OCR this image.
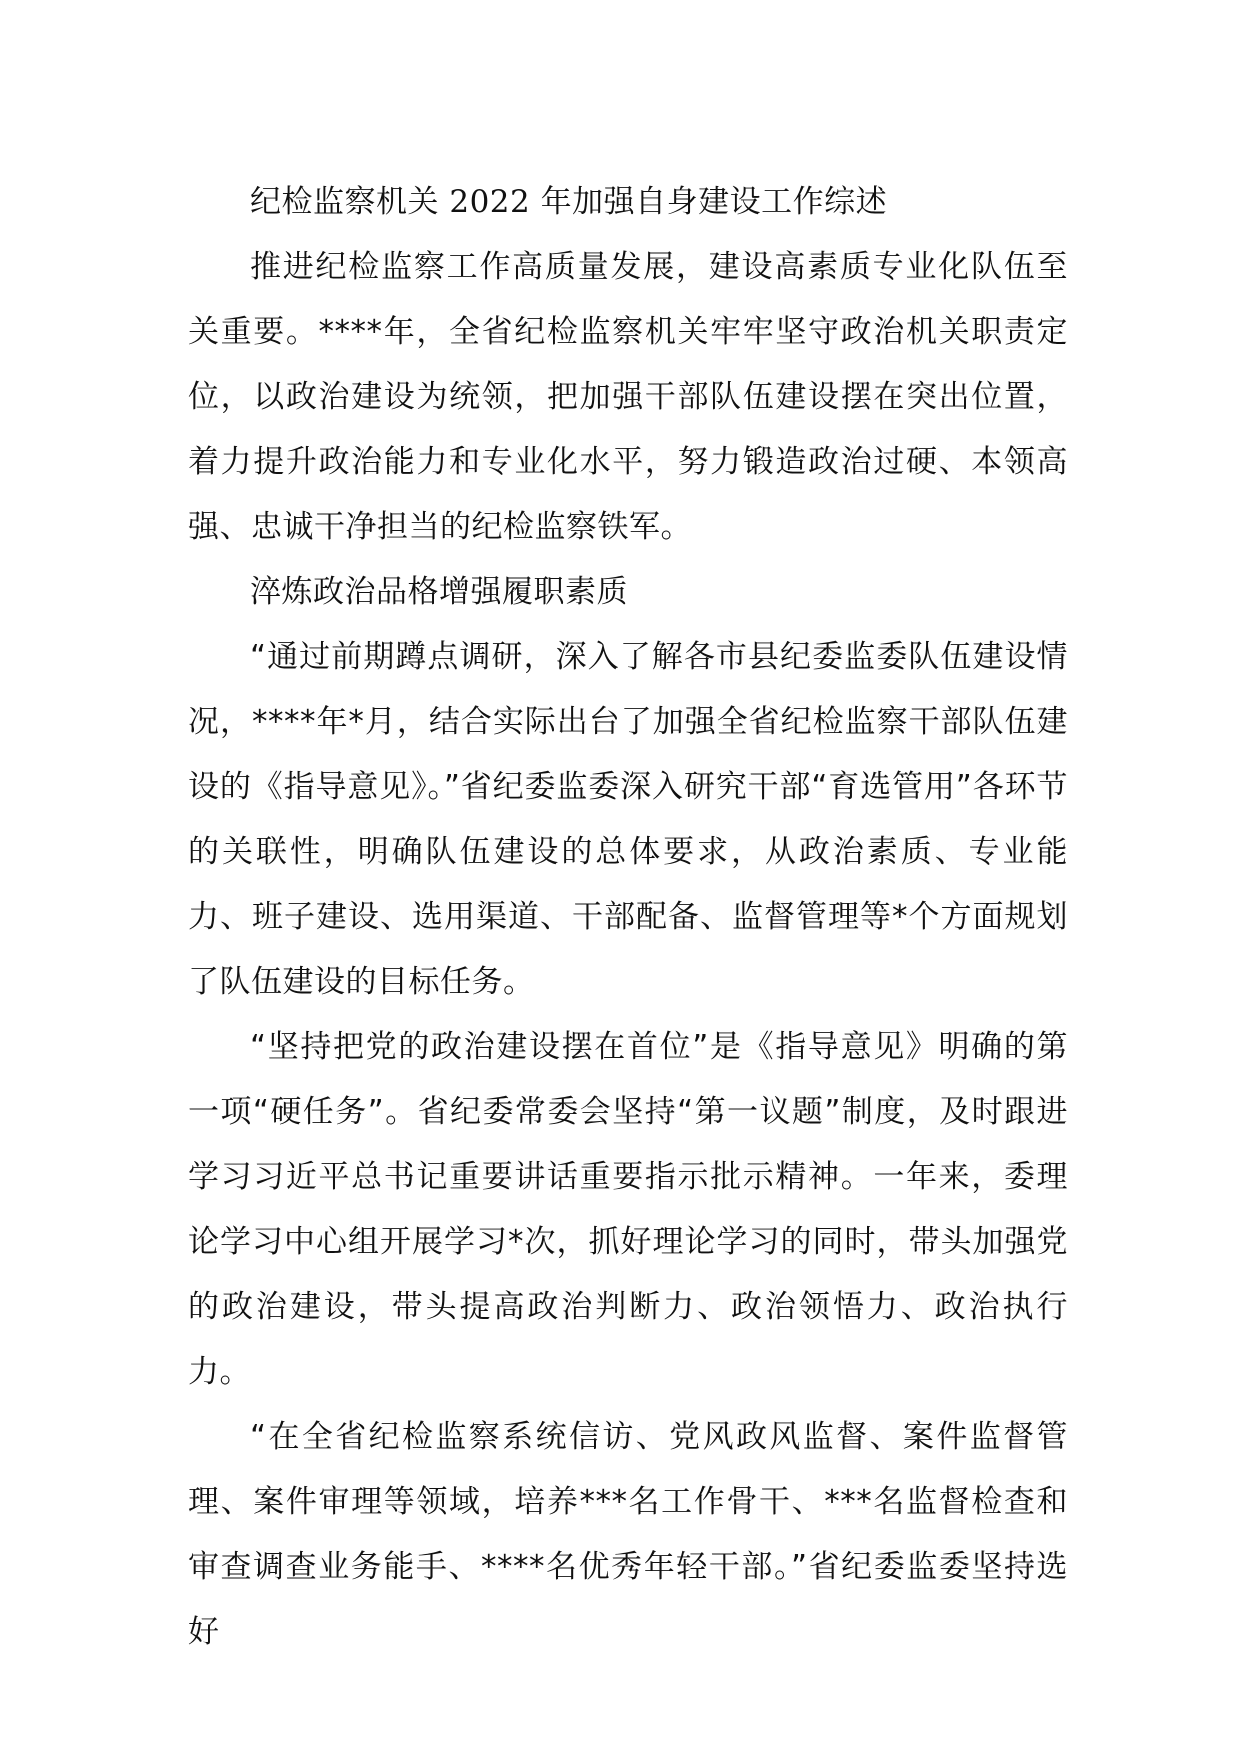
纪检监察机关 2022 年加强自身建设工作综述

推进纪检监察工作高质量发展，建设高素质专业化队伍至关重要。****年，全省纪检监察机关牢牢坚守政治机关职责定位，以政治建设为统领，把加强干部队伍建设摆在突出位置，着力提升政治能力和专业化水平，努力锻造政治过硬、本领高强、忠诚干净担当的纪检监察铁军。

淬炼政治品格增强履职素质

“通过前期蹲点调研，深入了解各市县纪委监委队伍建设情况，****年*月，结合实际出台了加强全省纪检监察干部队伍建设的《指导意见》。”省纪委监委深入研究干部“育选管用”各环节的关联性，明确队伍建设的总体要求，从政治素质、专业能力、班子建设、选用渠道、干部配备、监督管理等*个方面规划了队伍建设的目标任务。

“坚持把党的政治建设摆在首位”是《指导意见》明确的第一项“硬任务”。省纪委常委会坚持“第一议题”制度，及时跟进学习习近平总书记重要讲话重要指示批示精神。一年来，委理论学习中心组开展学习*次，抓好理论学习的同时，带头加强党的政治建设，带头提高政治判断力、政治领悟力、政治执行力。

“在全省纪检监察系统信访、党风政风监督、案件监督管理、案件审理等领域，培养***名工作骨干、***名监督检查和审查调查业务能手、****名优秀年轻干部。”省纪委监委坚持选好
